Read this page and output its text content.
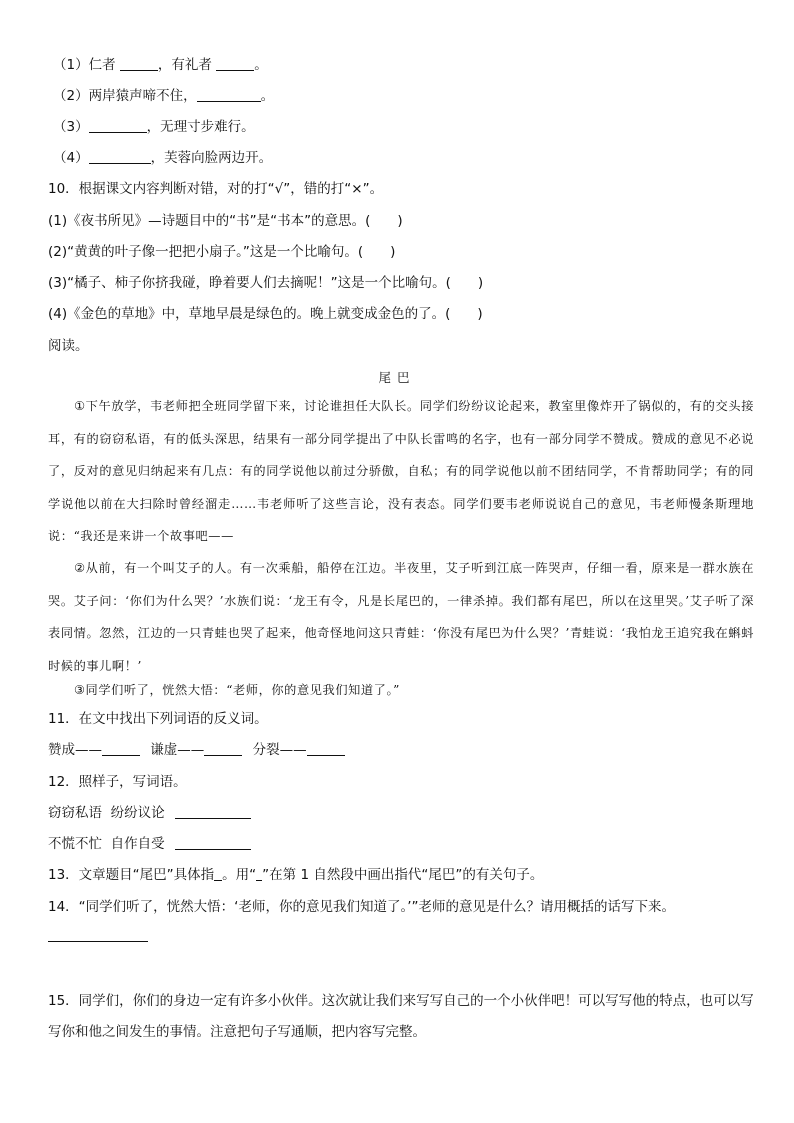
（1）仁者	，有礼者	。
（2）两岸猿声啼不住，	。
（3）	，无理寸步难行。
（4）	，芙蓉向脸两边开。
10．根据课文内容判断对错，对的打“√”，错的打“×”。
(1)《夜书所见》—诗题目中的“书”是“书本”的意思。(　　)
(2)“黄黄的叶子像一把把小扇子。”这是一个比喻句。(　　)
(3)“橘子、柿子你挤我碰，睁着要人们去摘呢！”这是一个比喻句。(　　)
(4)《金色的草地》中，草地早晨是绿色的。晚上就变成金色的了。(　　)
阅读。
尾巴
①下午放学，韦老师把全班同学留下来，讨论谁担任大队长。同学们纷纷议论起来，教室里像炸开了锅似的，有的交头接耳，有的窃窃私语，有的低头深思，结果有一部分同学提出了中队长雷鸣的名字，也有一部分同学不赞成。赞成的意见不必说了，反对的意见归纳起来有几点：有的同学说他以前过分骄傲，自私；有的同学说他以前不团结同学，不肯帮助同学；有的同学说他以前在大扫除时曾经溜走……韦老师听了这些言论，没有表态。同学们要韦老师说说自己的意见，韦老师慢条斯理地说：“我还是来讲一个故事吧——
②从前，有一个叫艾子的人。有一次乘船，船停在江边。半夜里，艾子听到江底一阵哭声，仔细一看，原来是一群水族在哭。艾子问：‘你们为什么哭？’水族们说：‘龙王有令，凡是长尾巴的，一律杀掉。我们都有尾巴，所以在这里哭。’艾子听了深表同情。忽然，江边的一只青蛙也哭了起来，他奇怪地问这只青蛙：‘你没有尾巴为什么哭？’青蛙说：‘我怕龙王追究我在蝌蚪时候的事儿啊！’
③同学们听了，恍然大悟：“老师，你的意见我们知道了。”
11．在文中找出下列词语的反义词。
赞成——	谦虚——	分裂——
12．照样子，写词语。
窃窃私语  纷纷议论
不慌不忙  自作自受
13．文章题目“尾巴”具体指 。用“ ”在第 1 自然段中画出指代“尾巴”的有关句子。
14．“同学们听了，恍然大悟：‘老师，你的意见我们知道了。’”老师的意见是什么？请用概括的话写下来。
15．同学们，你们的身边一定有许多小伙伴。这次就让我们来写写自己的一个小伙伴吧！可以写写他的特点，也可以写写你和他之间发生的事情。注意把句子写通顺，把内容写完整。
